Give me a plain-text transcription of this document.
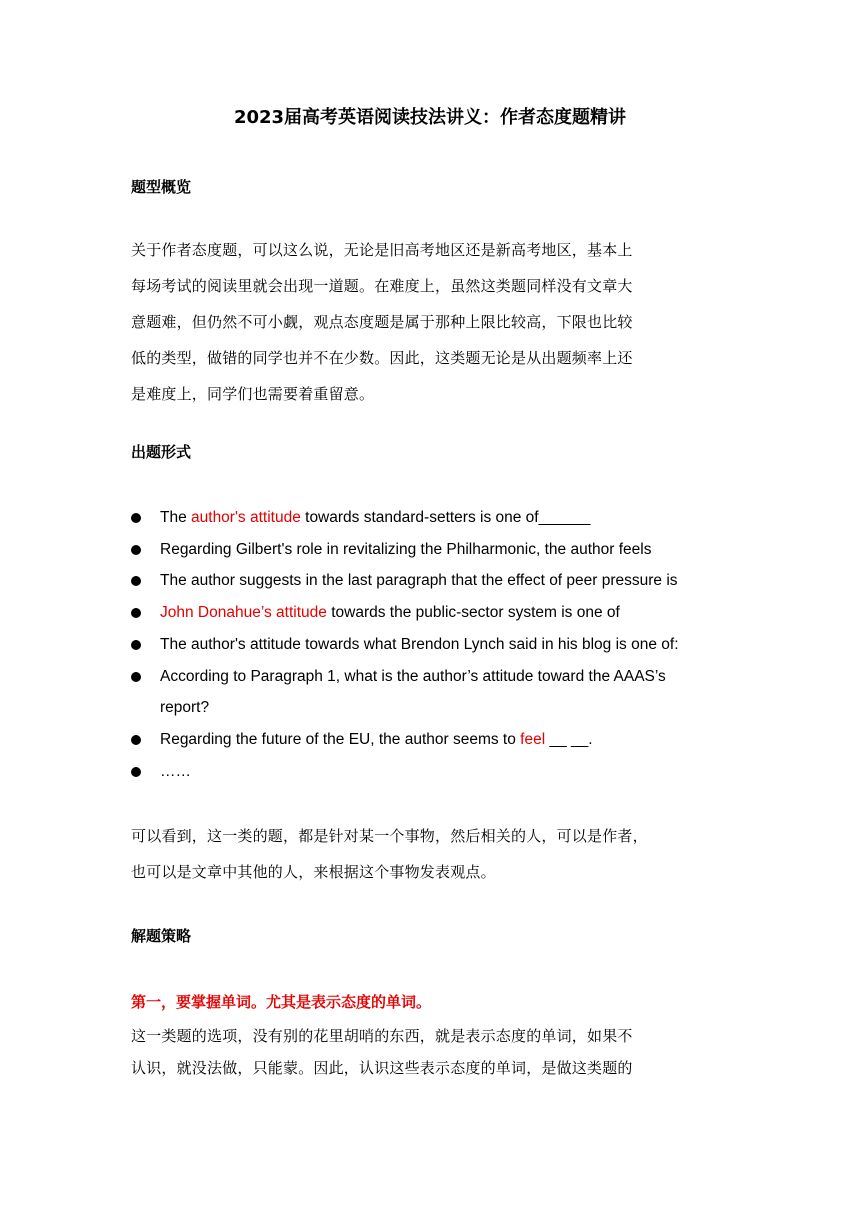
2023届高考英语阅读技法讲义：作者态度题精讲
题型概览

关于作者态度题，可以这么说，无论是旧高考地区还是新高考地区，基本上
每场考试的阅读里就会出现一道题。在难度上，虽然这类题同样没有文章大
意题难，但仍然不可小觑，观点态度题是属于那种上限比较高，下限也比较
低的类型，做错的同学也并不在少数。因此，这类题无论是从出题频率上还
是难度上，同学们也需要着重留意。

出题形式
The author's attitude towards standard-setters is one of______
Regarding Gilbert's role in revitalizing the Philharmonic, the author feels
The author suggests in the last paragraph that the effect of peer pressure is
John Donahue’s attitude towards the public-sector system is one of
The author's attitude towards what Brendon Lynch said in his blog is one of:
According to Paragraph 1, what is the author’s attitude toward the AAAS’s
report?
Regarding the future of the EU, the author seems to feel __ __.
……

可以看到，这一类的题，都是针对某一个事物，然后相关的人，可以是作者，
也可以是文章中其他的人，来根据这个事物发表观点。

解题策略
第一，要掌握单词。尤其是表示态度的单词。

这一类题的选项，没有别的花里胡哨的东西，就是表示态度的单词，如果不
认识，就没法做，只能蒙。因此，认识这些表示态度的单词，是做这类题的
